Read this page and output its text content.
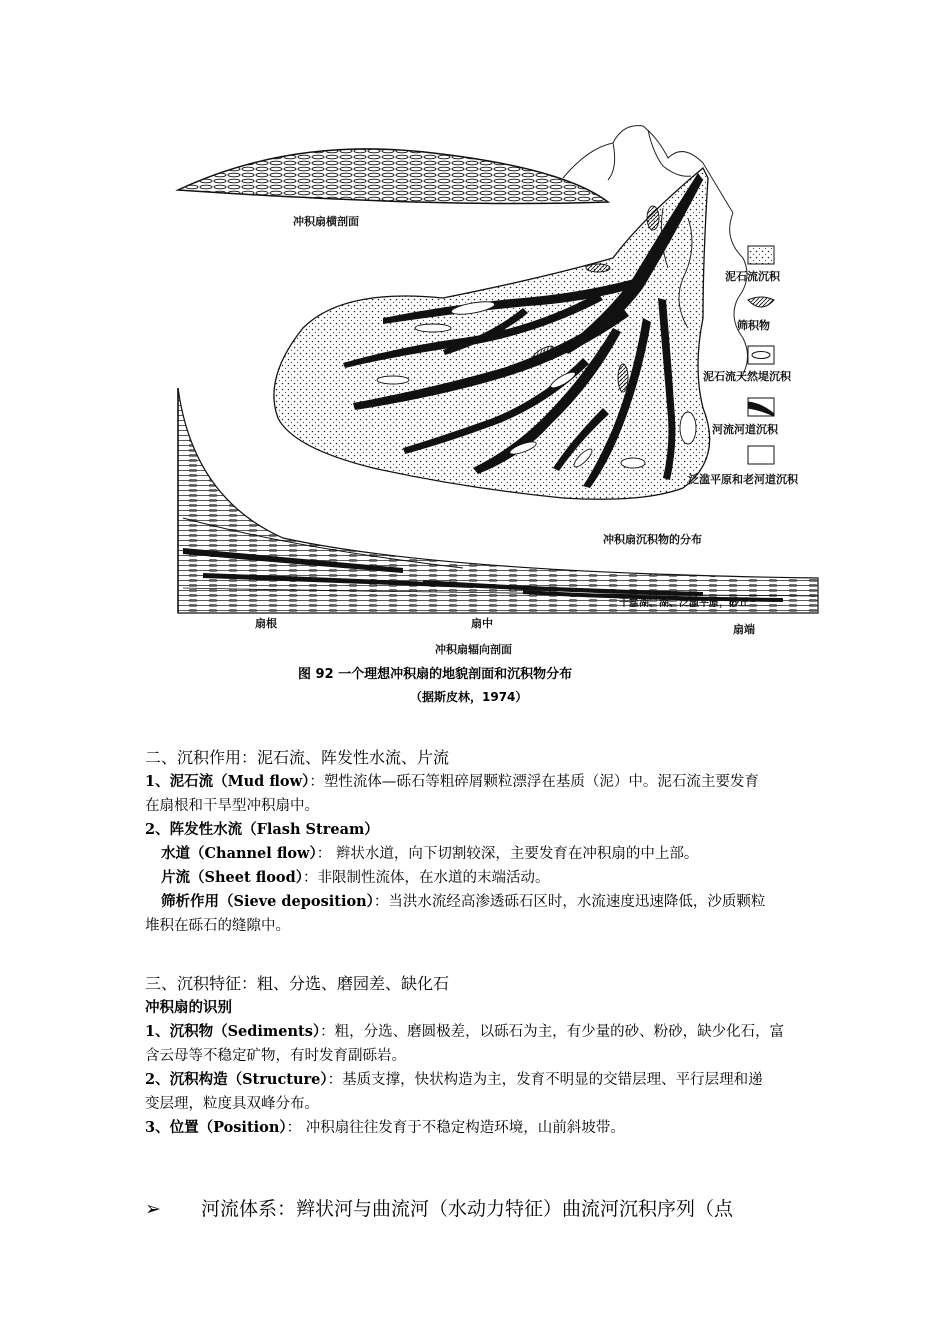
冲积扇横剖面
冲积扇沉积物的分布
扇根	扇中	扇端
干盐湖、湖、泛滥平原，砂丘
冲积扇辐向剖面
泥石流沉积
筛积物
泥石流天然堤沉积
河流河道沉积
泛滥平原和老河道沉积
图 92 一个理想冲积扇的地貌剖面和沉积物分布
（据斯皮林，1974）
二、沉积作用：泥石流、阵发性水流、片流
1、泥石流（Mud flow）：塑性流体—砾石等粗碎屑颗粒漂浮在基质（泥）中。泥石流主要发育
在扇根和干旱型冲积扇中。
2、阵发性水流（Flash Stream）
水道（Channel flow）： 辫状水道，向下切割较深，主要发育在冲积扇的中上部。
片流（Sheet flood）：非限制性流体，在水道的末端活动。
筛析作用（Sieve deposition）：当洪水流经高渗透砾石区时，水流速度迅速降低，沙质颗粒
堆积在砾石的缝隙中。
三、沉积特征：粗、分选、磨园差、缺化石
冲积扇的识别
1、沉积物（Sediments）：粗，分选、磨圆极差，以砾石为主，有少量的砂、粉砂，缺少化石，富
含云母等不稳定矿物，有时发育副砾岩。
2、沉积构造（Structure）：基质支撑，快状构造为主，发育不明显的交错层理、平行层理和递
变层理，粒度具双峰分布。
3、位置（Position）： 冲积扇往往发育于不稳定构造环境，山前斜坡带。
➢ 河流体系：辫状河与曲流河（水动力特征）曲流河沉积序列（点
